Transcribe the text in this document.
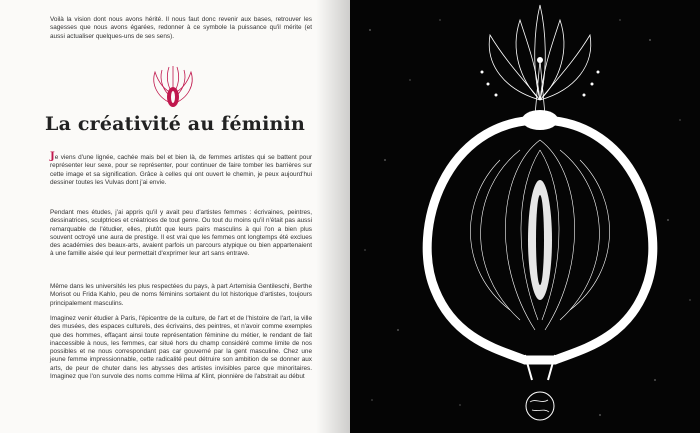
Voilà la vision dont nous avons hérité. Il nous faut donc revenir aux bases, retrouver les sagesses que nous avons égarées, redonner à ce symbole la puissance qu'il mérite (et aussi actualiser quelques-uns de ses sens).
La créativité au féminin
Je viens d'une lignée, cachée mais bel et bien là, de femmes artistes qui se battent pour représenter leur sexe, pour se représenter, pour continuer de faire tomber les barrières sur cette image et sa signification. Grâce à celles qui ont ouvert le chemin, je peux aujourd'hui dessiner toutes les Vulvas dont j'ai envie.
Pendant mes études, j'ai appris qu'il y avait peu d'artistes femmes : écrivaines, peintres, dessinatrices, sculptrices et créatrices de tout genre. Ou tout du moins qu'il n'était pas aussi remarquable de l'étudier, elles, plutôt que leurs pairs masculins à qui l'on a bien plus souvent octroyé une aura de prestige. Il est vrai que les femmes ont longtemps été exclues des académies des beaux-arts, avaient parfois un parcours atypique ou bien appartenaient à une famille aisée qui leur permettait d'exprimer leur art sans entrave.
Même dans les universités les plus respectées du pays, à part Artemisia Gentileschi, Berthe Morisot ou Frida Kahlo, peu de noms féminins sortaient du lot historique d'artistes, toujours principalement masculins.
Imaginez venir étudier à Paris, l'épicentre de la culture, de l'art et de l'histoire de l'art, la ville des musées, des espaces culturels, des écrivains, des peintres, et n'avoir comme exemples que des hommes, effaçant ainsi toute représentation féminine du métier, le rendant de fait inaccessible à nous, les femmes, car situé hors du champ considéré comme limite de nos possibles et ne nous correspondant pas car gouverné par la gent masculine. Chez une jeune femme impressionnable, cette radicalité peut détruire son ambition de se donner aux arts, de peur de chuter dans les abysses des artistes invisibles parce que minoritaires. Imaginez que l'on survole des noms comme Hilma af Klint, pionnière de l'abstrait au début
